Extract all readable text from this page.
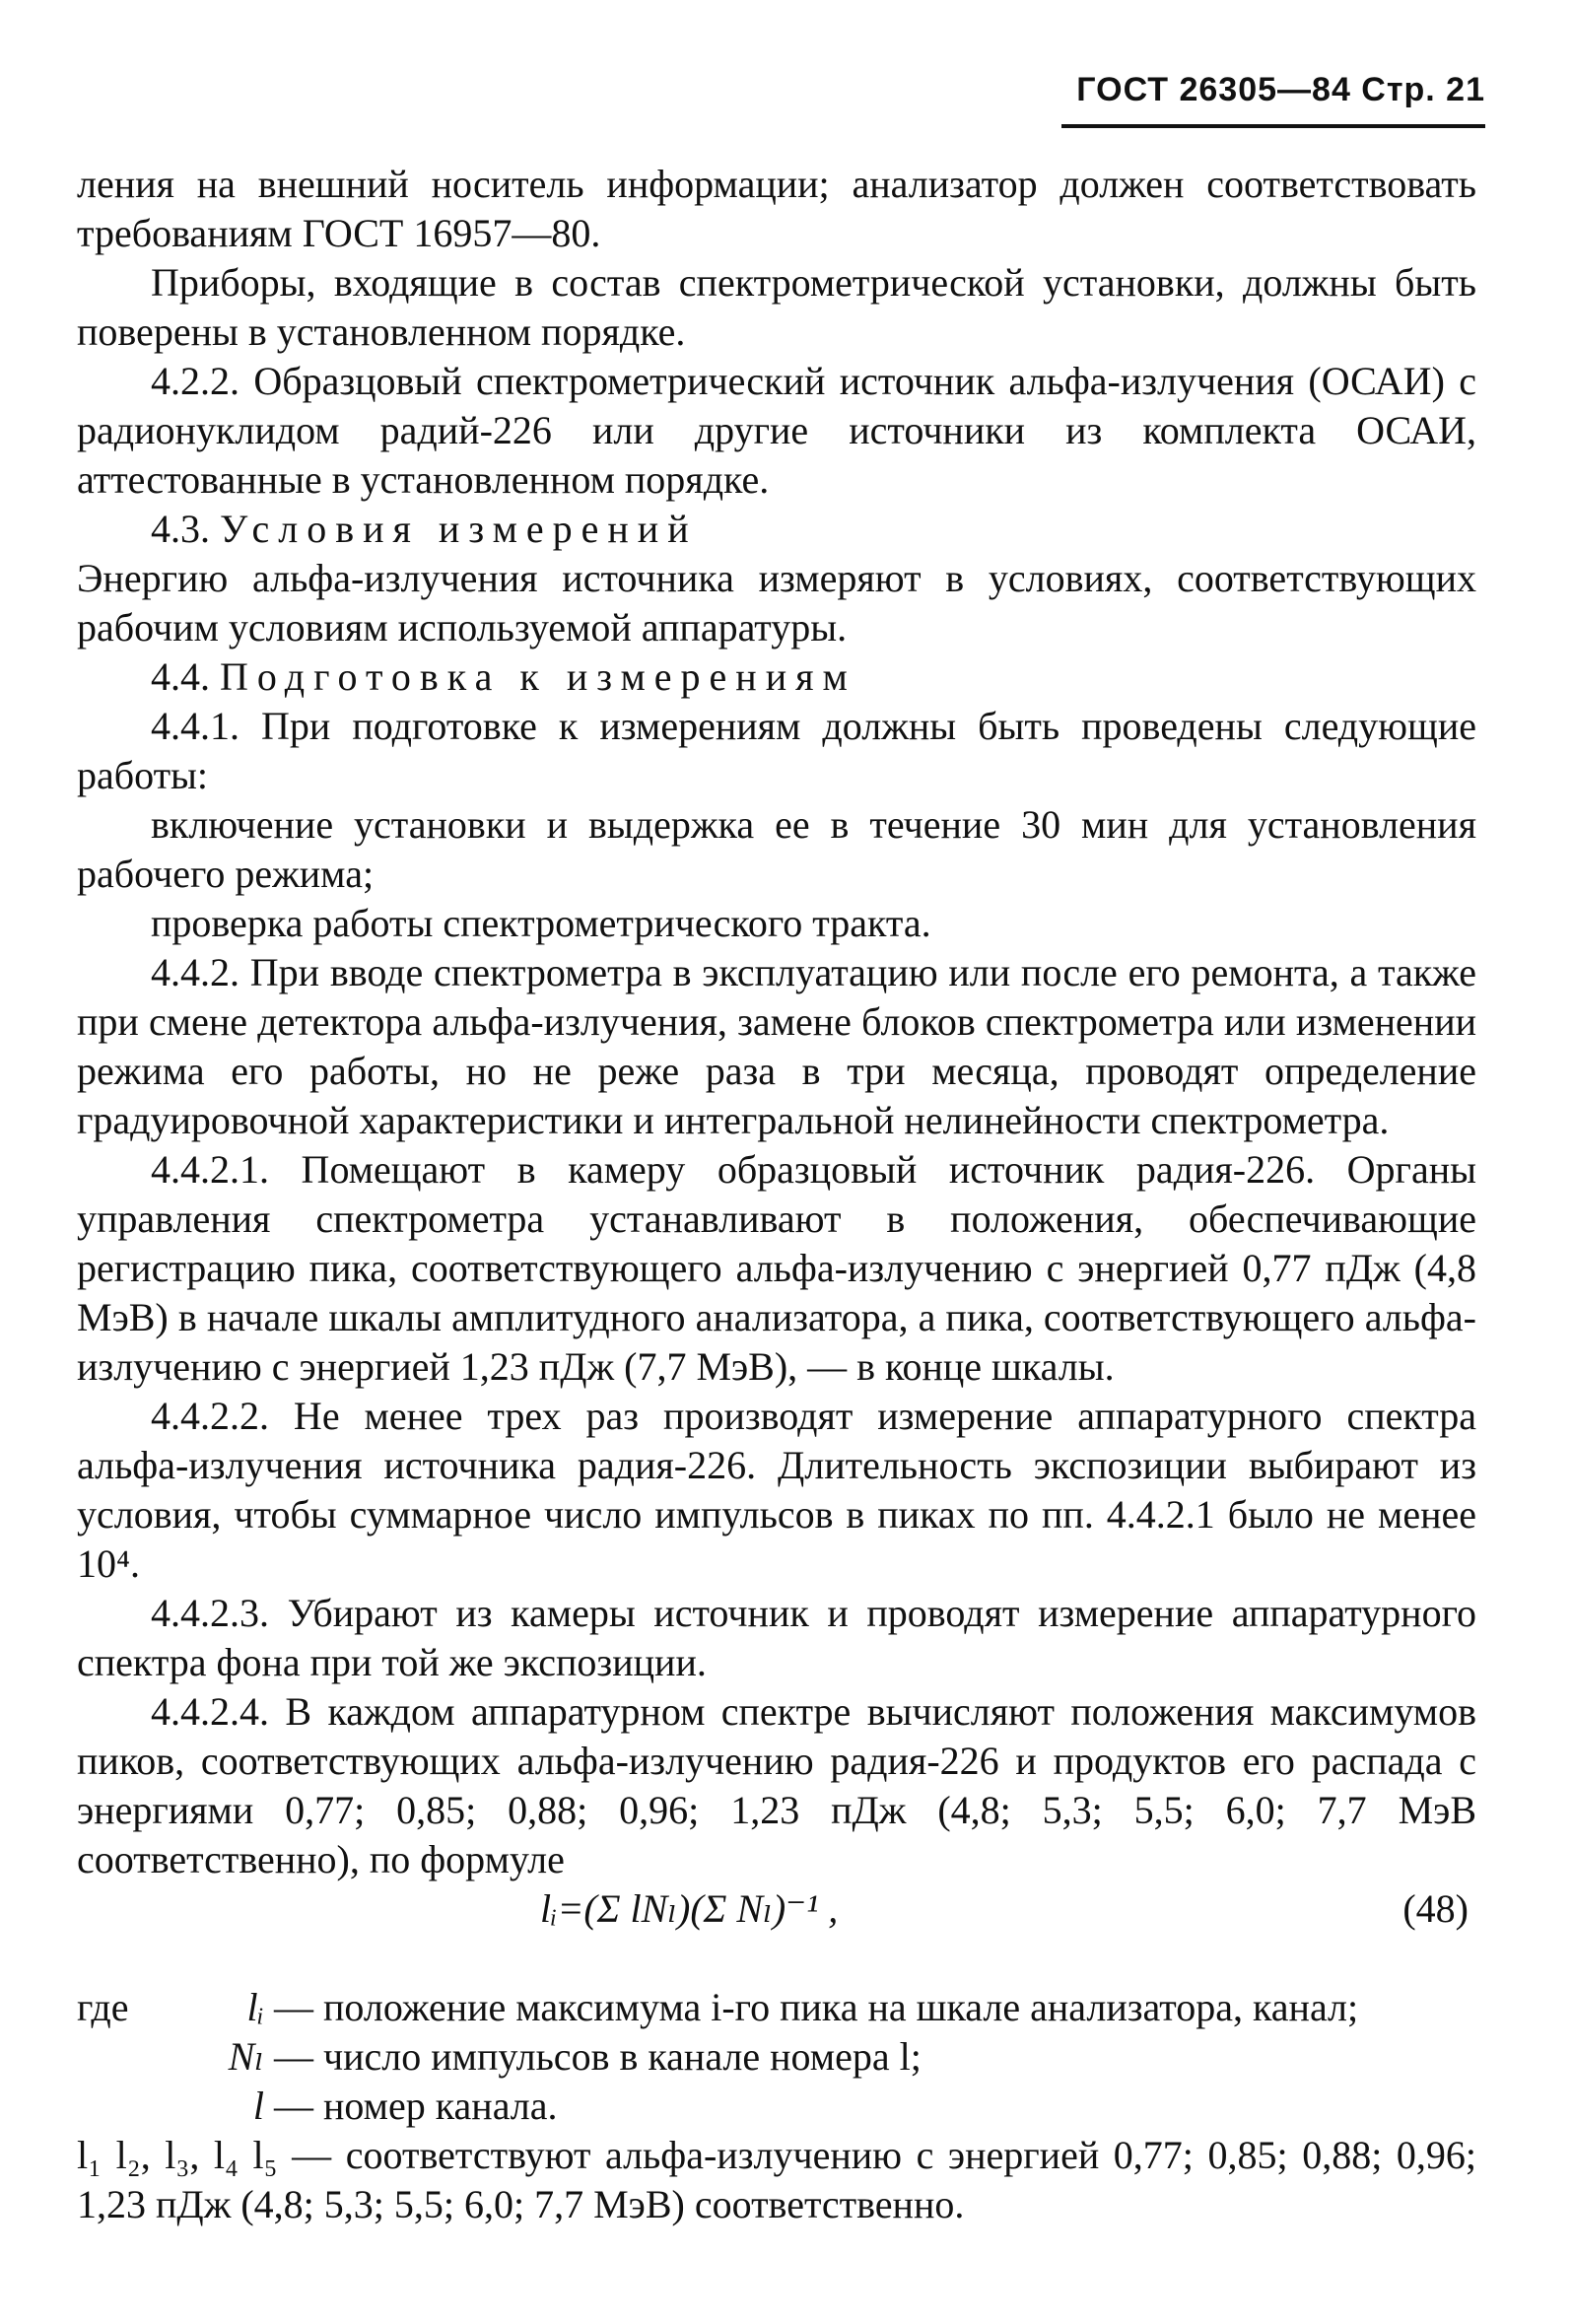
ГОСТ 26305—84 Стр. 21

ления на внешний носитель информации; анализатор должен соответствовать требованиям ГОСТ 16957—80.

Приборы, входящие в состав спектрометрической установки, должны быть поверены в установленном порядке.

4.2.2. Образцовый спектрометрический источник альфа-излучения (ОСАИ) с радионуклидом радий-226 или другие источники из комплекта ОСАИ, аттестованные в установленном порядке.

4.3. Условия измерений

Энергию альфа-излучения источника измеряют в условиях, соответствующих рабочим условиям используемой аппаратуры.

4.4. Подготовка к измерениям

4.4.1. При подготовке к измерениям должны быть проведены следующие работы:

включение установки и выдержка ее в течение 30 мин для установления рабочего режима;

проверка работы спектрометрического тракта.

4.4.2. При вводе спектрометра в эксплуатацию или после его ремонта, а также при смене детектора альфа-излучения, замене блоков спектрометра или изменении режима его работы, но не реже раза в три месяца, проводят определение градуировочной характеристики и интегральной нелинейности спектрометра.

4.4.2.1. Помещают в камеру образцовый источник радия-226. Органы управления спектрометра устанавливают в положения, обеспечивающие регистрацию пика, соответствующего альфа-излучению с энергией 0,77 пДж (4,8 МэВ) в начале шкалы амплитудного анализатора, а пика, соответствующего альфа-излучению с энергией 1,23 пДж (7,7 МэВ), — в конце шкалы.

4.4.2.2. Не менее трех раз производят измерение аппаратурного спектра альфа-излучения источника радия-226. Длительность экспозиции выбирают из условия, чтобы суммарное число импульсов в пиках по пп. 4.4.2.1 было не менее 10⁴.

4.4.2.3. Убирают из камеры источник и проводят измерение аппаратурного спектра фона при той же экспозиции.

4.4.2.4. В каждом аппаратурном спектре вычисляют положения максимумов пиков, соответствующих альфа-излучению радия-226 и продуктов его распада с энергиями 0,77; 0,85; 0,88; 0,96; 1,23 пДж (4,8; 5,3; 5,5; 6,0; 7,7 МэВ соответственно), по формуле

lᵢ=(Σ lNₗ)(Σ Nₗ)⁻¹ ,	(48)
где	lᵢ — положение максимума i-го пика на шкале анализатора, канал;
Nₗ — число импульсов в канале номера l;
l — номер канала.

l₁ l₂, l₃, l₄ l₅ — соответствуют альфа-излучению с энергией 0,77; 0,85; 0,88; 0,96; 1,23 пДж (4,8; 5,3; 5,5; 6,0; 7,7 МэВ) соответственно.
